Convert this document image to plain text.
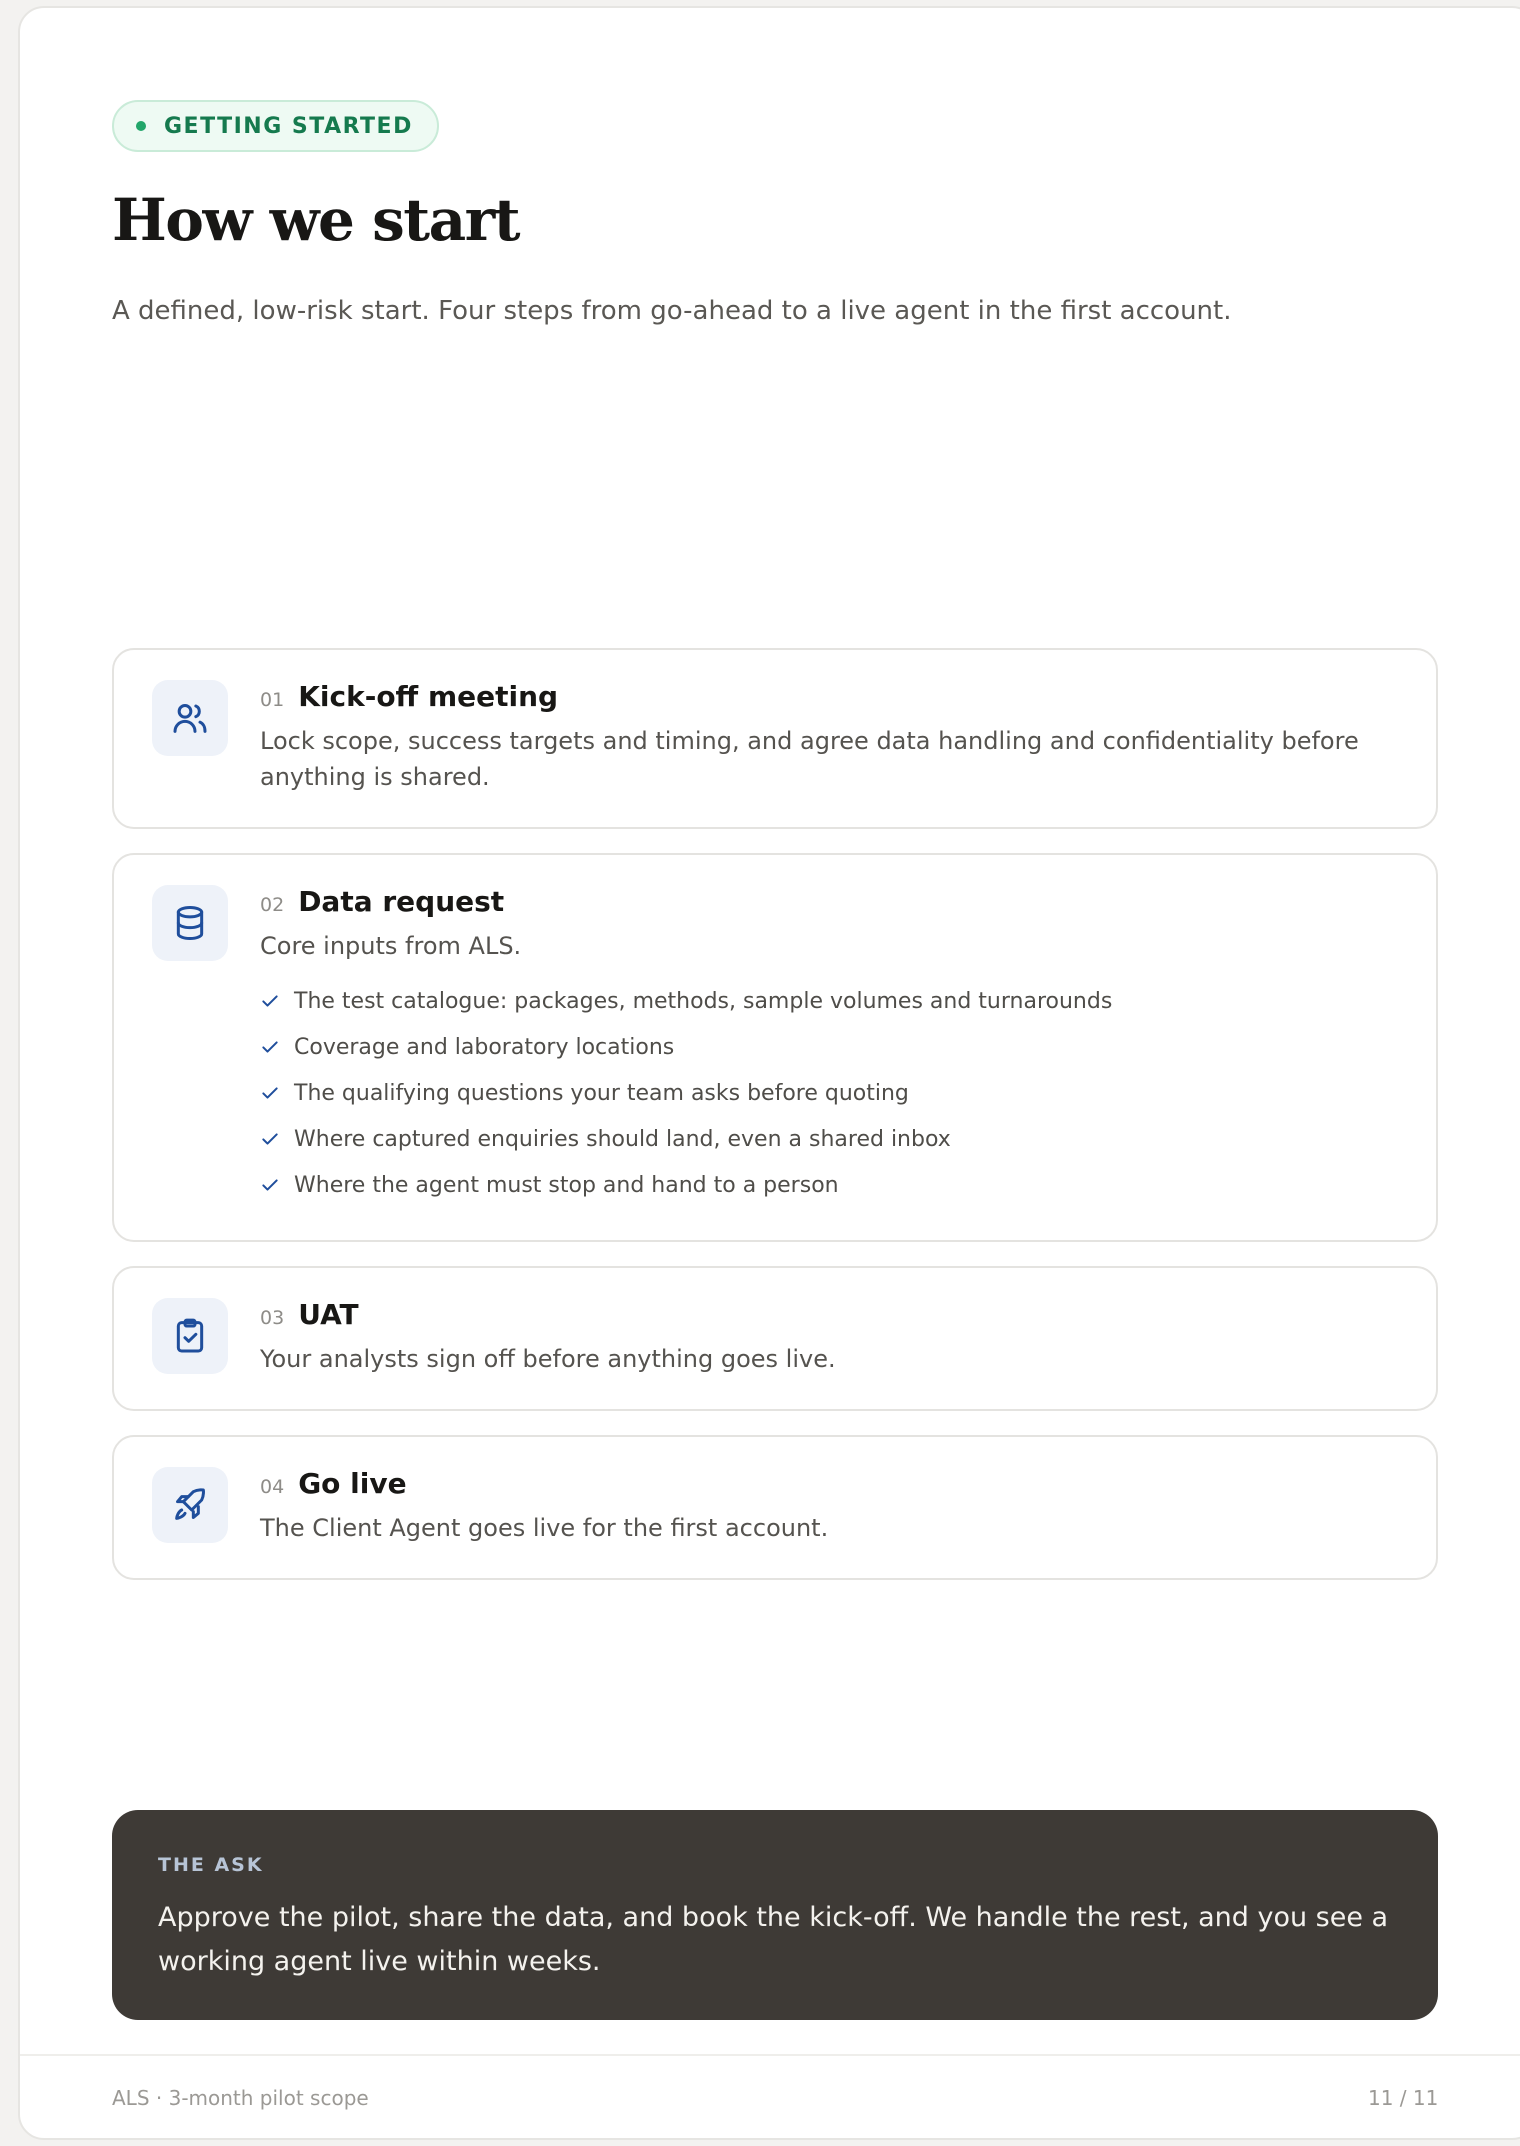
GETTING STARTED
How we start

A defined, low-risk start. Four steps from go-ahead to a live agent in the first account.

01 Kick-off meeting

Lock scope, success targets and timing, and agree data handling and confidentiality before anything is shared.

02 Data request

Core inputs from ALS.

The test catalogue: packages, methods, sample volumes and turnarounds
Coverage and laboratory locations
The qualifying questions your team asks before quoting
Where captured enquiries should land, even a shared inbox
Where the agent must stop and hand to a person
03 UAT

Your analysts sign off before anything goes live.

04 Go live

The Client Agent goes live for the first account.

THE ASK

Approve the pilot, share the data, and book the kick-off. We handle the rest, and you see a working agent live within weeks.

ALS · 3-month pilot scope	11 / 11
